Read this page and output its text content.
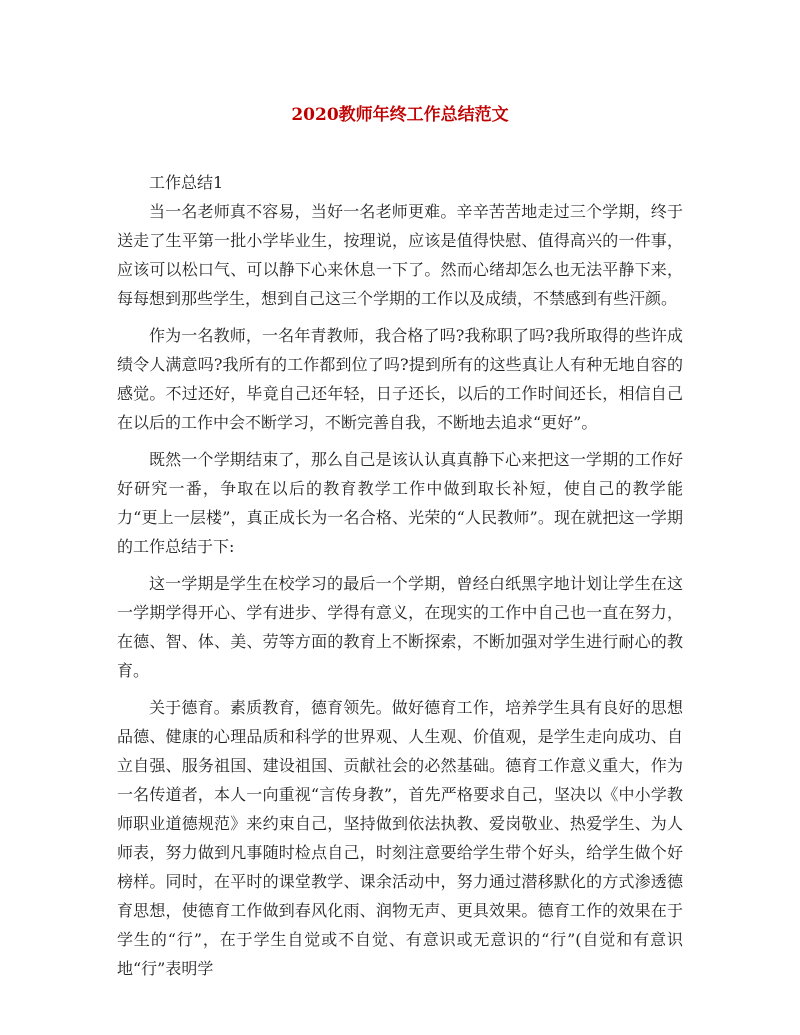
2020教师年终工作总结范文

工作总结1

当一名老师真不容易，当好一名老师更难。辛辛苦苦地走过三个学期，终于送走了生平第一批小学毕业生，按理说，应该是值得快慰、值得高兴的一件事，应该可以松口气、可以静下心来休息一下了。然而心绪却怎么也无法平静下来，每每想到那些学生，想到自己这三个学期的工作以及成绩，不禁感到有些汗颜。

作为一名教师，一名年青教师，我合格了吗?我称职了吗?我所取得的些许成绩令人满意吗?我所有的工作都到位了吗?提到所有的这些真让人有种无地自容的感觉。不过还好，毕竟自己还年轻，日子还长，以后的工作时间还长，相信自己在以后的工作中会不断学习，不断完善自我，不断地去追求“更好”。

既然一个学期结束了，那么自己是该认认真真静下心来把这一学期的工作好好研究一番，争取在以后的教育教学工作中做到取长补短，使自己的教学能力“更上一层楼”，真正成长为一名合格、光荣的“人民教师”。现在就把这一学期的工作总结于下:

这一学期是学生在校学习的最后一个学期，曾经白纸黑字地计划让学生在这一学期学得开心、学有进步、学得有意义，在现实的工作中自己也一直在努力，在德、智、体、美、劳等方面的教育上不断探索，不断加强对学生进行耐心的教育。

关于德育。素质教育，德育领先。做好德育工作，培养学生具有良好的思想品德、健康的心理品质和科学的世界观、人生观、价值观，是学生走向成功、自立自强、服务祖国、建设祖国、贡献社会的必然基础。德育工作意义重大，作为一名传道者，本人一向重视“言传身教”，首先严格要求自己，坚决以《中小学教师职业道德规范》来约束自己，坚持做到依法执教、爱岗敬业、热爱学生、为人师表，努力做到凡事随时检点自己，时刻注意要给学生带个好头，给学生做个好榜样。同时，在平时的课堂教学、课余活动中，努力通过潜移默化的方式渗透德育思想，使德育工作做到春风化雨、润物无声、更具效果。德育工作的效果在于学生的“行”，在于学生自觉或不自觉、有意识或无意识的“行”(自觉和有意识地“行”表明学
